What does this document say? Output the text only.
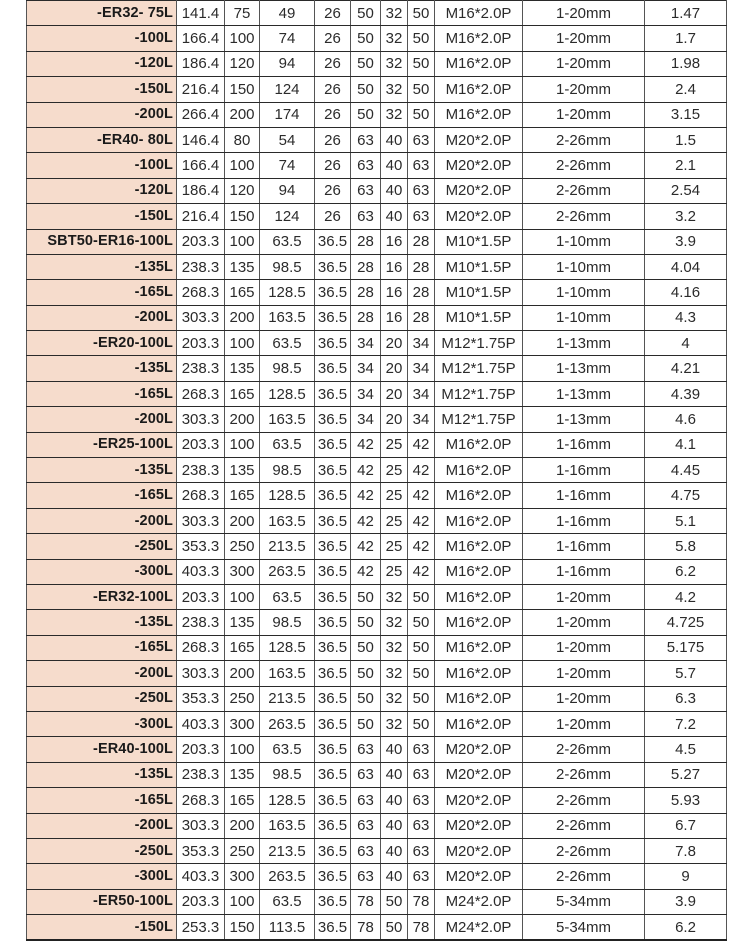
-ER32- 75L	141.4	75	49	26	50	32	50	M16*2.0P	1-20mm	1.47
-100L	166.4	100	74	26	50	32	50	M16*2.0P	1-20mm	1.7
-120L	186.4	120	94	26	50	32	50	M16*2.0P	1-20mm	1.98
-150L	216.4	150	124	26	50	32	50	M16*2.0P	1-20mm	2.4
-200L	266.4	200	174	26	50	32	50	M16*2.0P	1-20mm	3.15
-ER40- 80L	146.4	80	54	26	63	40	63	M20*2.0P	2-26mm	1.5
-100L	166.4	100	74	26	63	40	63	M20*2.0P	2-26mm	2.1
-120L	186.4	120	94	26	63	40	63	M20*2.0P	2-26mm	2.54
-150L	216.4	150	124	26	63	40	63	M20*2.0P	2-26mm	3.2
SBT50-ER16-100L	203.3	100	63.5	36.5	28	16	28	M10*1.5P	1-10mm	3.9
-135L	238.3	135	98.5	36.5	28	16	28	M10*1.5P	1-10mm	4.04
-165L	268.3	165	128.5	36.5	28	16	28	M10*1.5P	1-10mm	4.16
-200L	303.3	200	163.5	36.5	28	16	28	M10*1.5P	1-10mm	4.3
-ER20-100L	203.3	100	63.5	36.5	34	20	34	M12*1.75P	1-13mm	4
-135L	238.3	135	98.5	36.5	34	20	34	M12*1.75P	1-13mm	4.21
-165L	268.3	165	128.5	36.5	34	20	34	M12*1.75P	1-13mm	4.39
-200L	303.3	200	163.5	36.5	34	20	34	M12*1.75P	1-13mm	4.6
-ER25-100L	203.3	100	63.5	36.5	42	25	42	M16*2.0P	1-16mm	4.1
-135L	238.3	135	98.5	36.5	42	25	42	M16*2.0P	1-16mm	4.45
-165L	268.3	165	128.5	36.5	42	25	42	M16*2.0P	1-16mm	4.75
-200L	303.3	200	163.5	36.5	42	25	42	M16*2.0P	1-16mm	5.1
-250L	353.3	250	213.5	36.5	42	25	42	M16*2.0P	1-16mm	5.8
-300L	403.3	300	263.5	36.5	42	25	42	M16*2.0P	1-16mm	6.2
-ER32-100L	203.3	100	63.5	36.5	50	32	50	M16*2.0P	1-20mm	4.2
-135L	238.3	135	98.5	36.5	50	32	50	M16*2.0P	1-20mm	4.725
-165L	268.3	165	128.5	36.5	50	32	50	M16*2.0P	1-20mm	5.175
-200L	303.3	200	163.5	36.5	50	32	50	M16*2.0P	1-20mm	5.7
-250L	353.3	250	213.5	36.5	50	32	50	M16*2.0P	1-20mm	6.3
-300L	403.3	300	263.5	36.5	50	32	50	M16*2.0P	1-20mm	7.2
-ER40-100L	203.3	100	63.5	36.5	63	40	63	M20*2.0P	2-26mm	4.5
-135L	238.3	135	98.5	36.5	63	40	63	M20*2.0P	2-26mm	5.27
-165L	268.3	165	128.5	36.5	63	40	63	M20*2.0P	2-26mm	5.93
-200L	303.3	200	163.5	36.5	63	40	63	M20*2.0P	2-26mm	6.7
-250L	353.3	250	213.5	36.5	63	40	63	M20*2.0P	2-26mm	7.8
-300L	403.3	300	263.5	36.5	63	40	63	M20*2.0P	2-26mm	9
-ER50-100L	203.3	100	63.5	36.5	78	50	78	M24*2.0P	5-34mm	3.9
-150L	253.3	150	113.5	36.5	78	50	78	M24*2.0P	5-34mm	6.2
